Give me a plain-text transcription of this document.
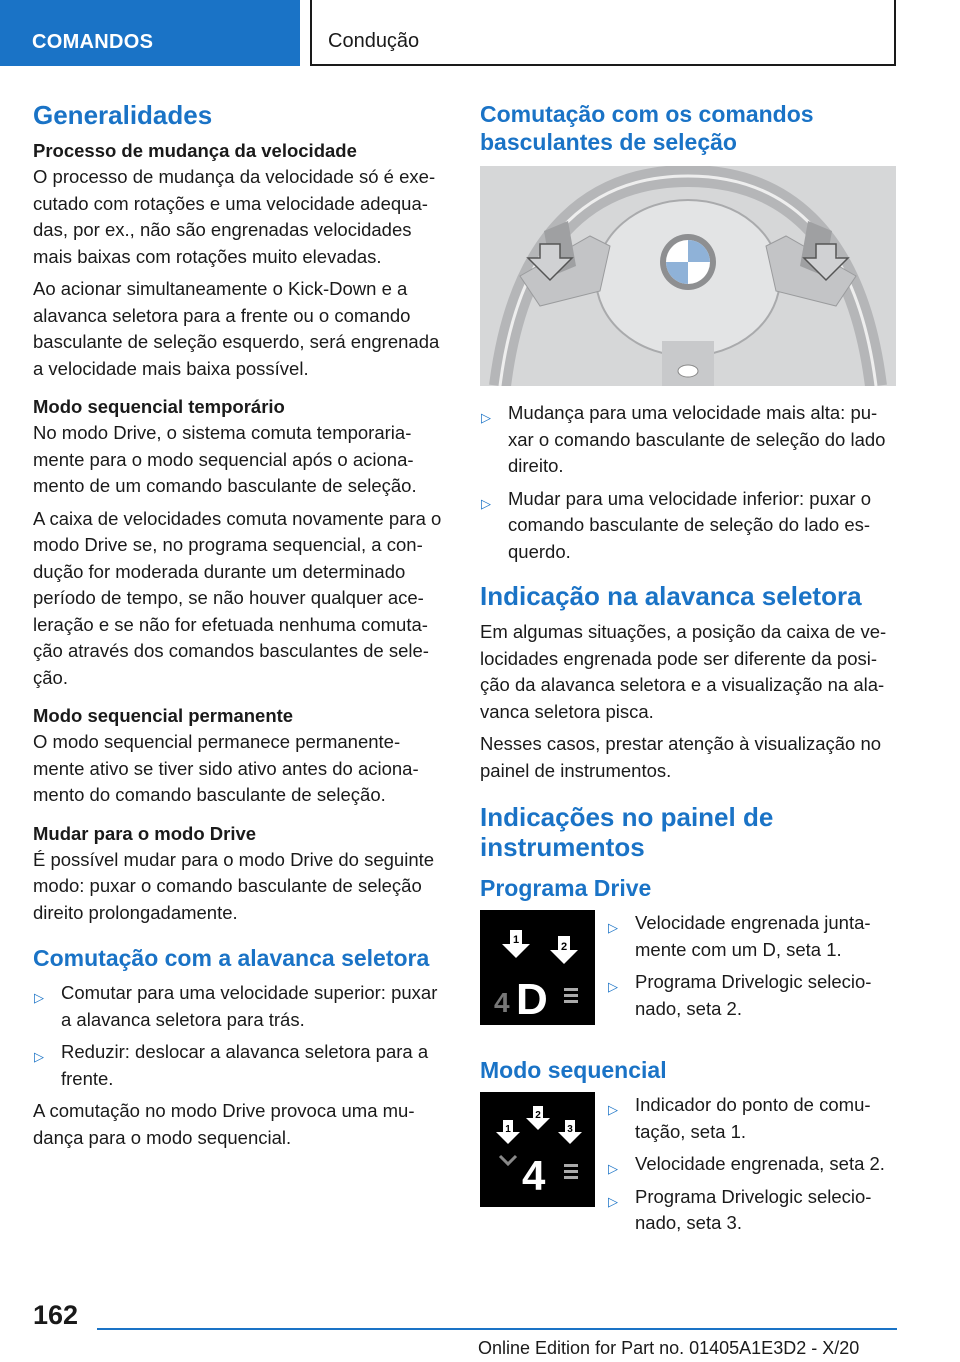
COMANDOS	Condução
Generalidades
Processo de mudança da velocidade

O processo de mudança da velocidade só é exe-cutado com rotações e uma velocidade adequa-das, por ex., não são engrenadas velocidades mais baixas com rotações muito elevadas.

Ao acionar simultaneamente o Kick-Down e a alavanca seletora para a frente ou o comando basculante de seleção esquerdo, será engrenada a velocidade mais baixa possível.

Modo sequencial temporário

No modo Drive, o sistema comuta temporaria-mente para o modo sequencial após o aciona-mento de um comando basculante de seleção.

A caixa de velocidades comuta novamente para o modo Drive se, no programa sequencial, a con-dução for moderada durante um determinado período de tempo, se não houver qualquer ace-leração e se não for efetuada nenhuma comuta-ção através dos comandos basculantes de sele-ção.

Modo sequencial permanente

O modo sequencial permanece permanente-mente ativo se tiver sido ativo antes do aciona-mento do comando basculante de seleção.

Mudar para o modo Drive

É possível mudar para o modo Drive do seguinte modo: puxar o comando basculante de seleção direito prolongadamente.

Comutação com a alavanca seletora
▷ Comutar para uma velocidade superior: puxar a alavanca seletora para trás.
▷ Reduzir: deslocar a alavanca seletora para a frente.

A comutação no modo Drive provoca uma mu-dança para o modo sequencial.

Comutação com os comandos basculantes de seleção
▷ Mudança para uma velocidade mais alta: pu-xar o comando basculante de seleção do lado direito.
▷ Mudar para uma velocidade inferior: puxar o comando basculante de seleção do lado es-querdo.
Indicação na alavanca seletora

Em algumas situações, a posição da caixa de ve-locidades engrenada pode ser diferente da posi-ção da alavanca seletora e a visualização na ala-vanca seletora pisca.

Nesses casos, prestar atenção à visualização no painel de instrumentos.

Indicações no painel de instrumentos
Programa Drive
1
2
4 D
▷ Velocidade engrenada junta-mente com um D, seta 1.
▷ Programa Drivelogic selecio-nado, seta 2.
Modo sequencial
1
2
3
4
▷ Indicador do ponto de comu-tação, seta 1.
▷ Velocidade engrenada, seta 2.
▷ Programa Drivelogic selecio-nado, seta 3.
162
Online Edition for Part no. 01405A1E3D2 - X/20
